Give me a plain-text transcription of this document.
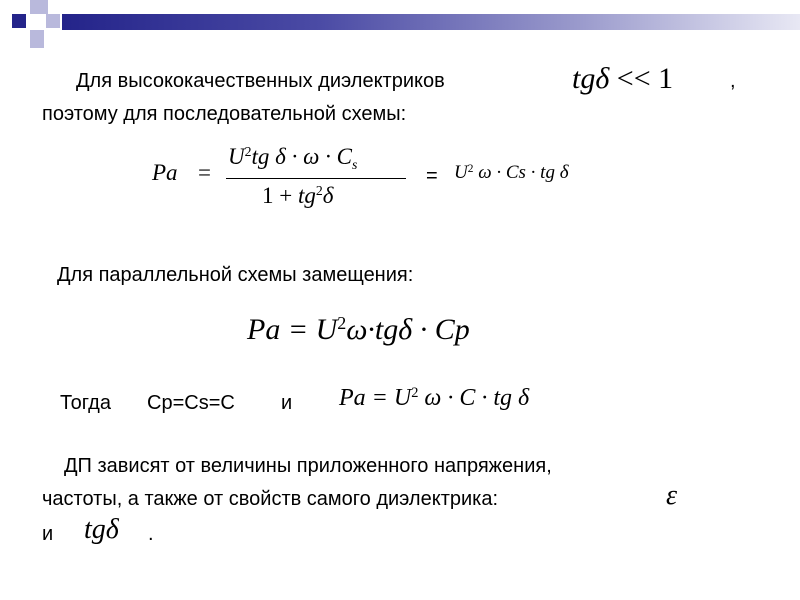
Для высококачественных диэлектриков	tgδ << 1	,
поэтому для последовательной схемы:
Pa =
$U^2tg$ $\delta \cdot \omega \cdot C_s$
$1 + tg^2\delta$
= $U^2$ ω · Cs · tg δ
Для параллельной схемы замещения:
$Pa = U^2\omega\cdot tg\delta \cdot Cp$
Тогда Cp=Cs=C и $Pa = U^2$ ω · C · tg δ
ДП зависят от величины приложенного напряжения,
частоты, а также от свойств самого диэлектрика:	ε
и tgδ .
